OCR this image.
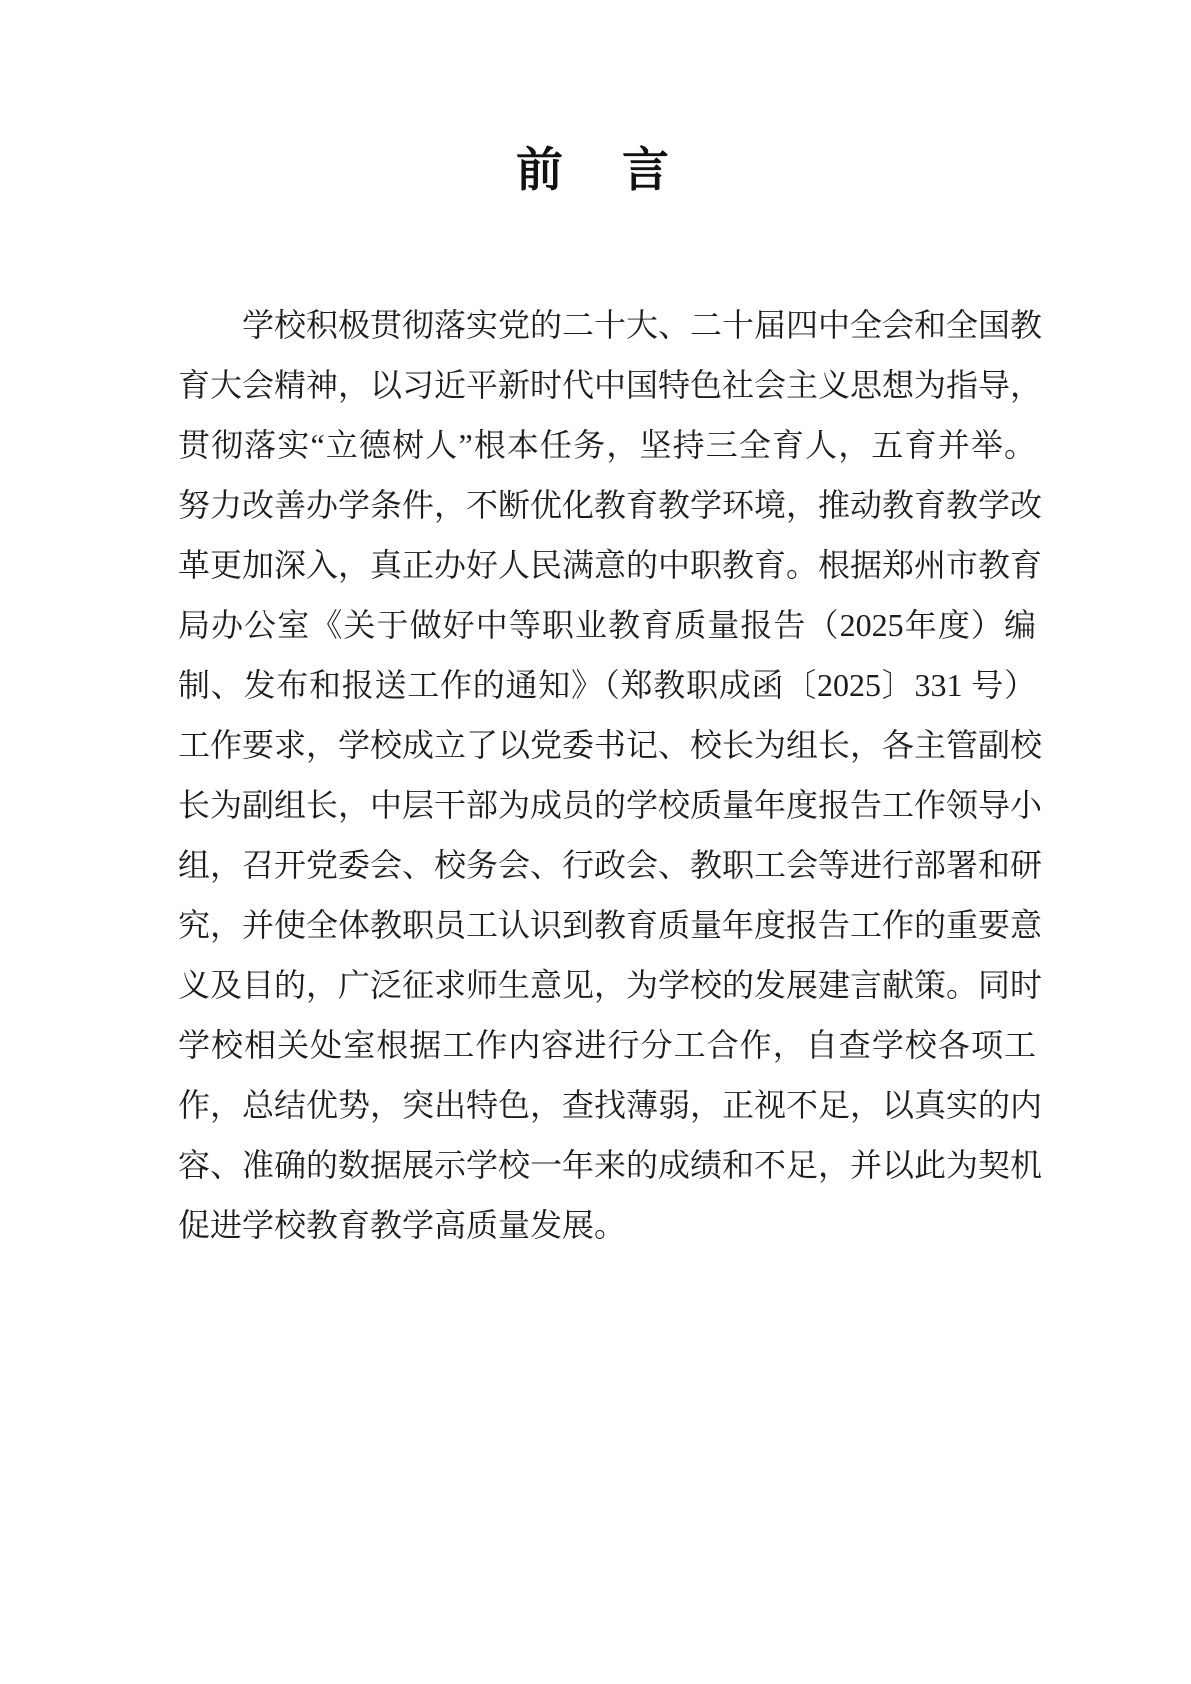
前　言
学校积极贯彻落实党的二十大、二十届四中全会和全国教
育大会精神，以习近平新时代中国特色社会主义思想为指导，
贯彻落实“立德树人”根本任务，坚持三全育人，五育并举。
努力改善办学条件，不断优化教育教学环境，推动教育教学改
革更加深入，真正办好人民满意的中职教育。根据郑州市教育
局办公室《关于做好中等职业教育质量报告（2025年度）编
制、发布和报送工作的通知》（郑教职成函〔2025〕331 号）
工作要求，学校成立了以党委书记、校长为组长，各主管副校
长为副组长，中层干部为成员的学校质量年度报告工作领导小
组，召开党委会、校务会、行政会、教职工会等进行部署和研
究，并使全体教职员工认识到教育质量年度报告工作的重要意
义及目的，广泛征求师生意见，为学校的发展建言献策。同时
学校相关处室根据工作内容进行分工合作，自查学校各项工
作，总结优势，突出特色，查找薄弱，正视不足，以真实的内
容、准确的数据展示学校一年来的成绩和不足，并以此为契机
促进学校教育教学高质量发展。
